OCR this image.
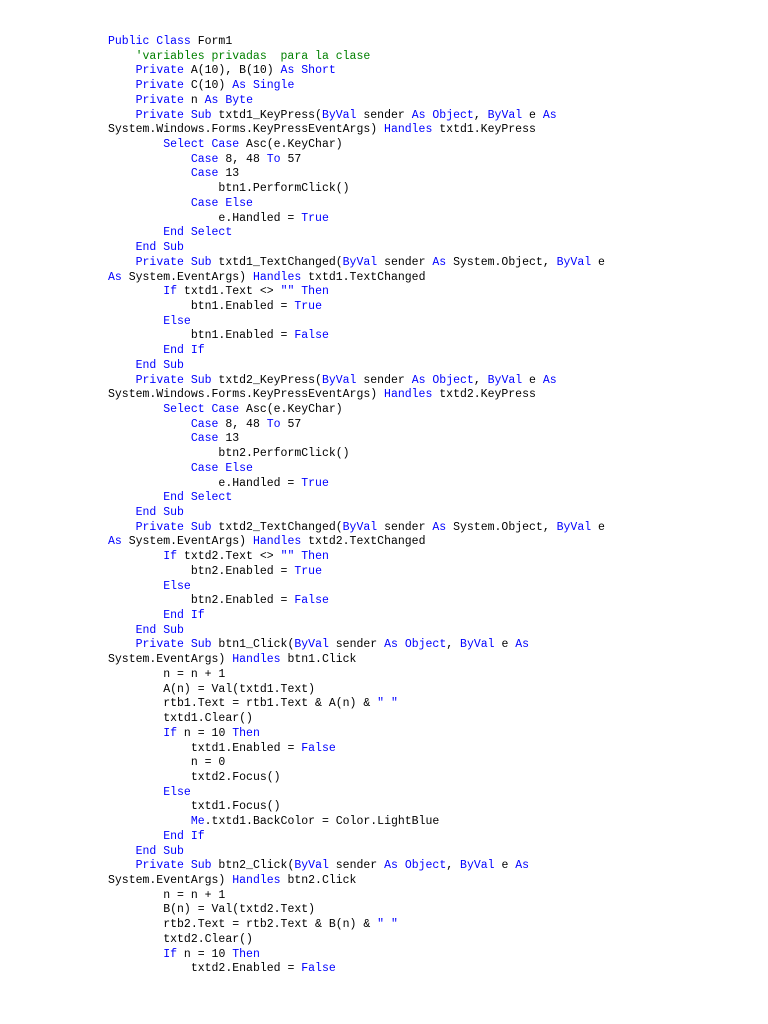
Public Class Form1
'variables privadas  para la clase
Private A(10), B(10) As Short
Private C(10) As Single
Private n As Byte
Private Sub txtd1_KeyPress(ByVal sender As Object, ByVal e As
System.Windows.Forms.KeyPressEventArgs) Handles txtd1.KeyPress
Select Case Asc(e.KeyChar)
Case 8, 48 To 57
Case 13
btn1.PerformClick()
Case Else
e.Handled = True
End Select
End Sub
Private Sub txtd1_TextChanged(ByVal sender As System.Object, ByVal e
As System.EventArgs) Handles txtd1.TextChanged
If txtd1.Text <> "" Then
btn1.Enabled = True
Else
btn1.Enabled = False
End If
End Sub
Private Sub txtd2_KeyPress(ByVal sender As Object, ByVal e As
System.Windows.Forms.KeyPressEventArgs) Handles txtd2.KeyPress
Select Case Asc(e.KeyChar)
Case 8, 48 To 57
Case 13
btn2.PerformClick()
Case Else
e.Handled = True
End Select
End Sub
Private Sub txtd2_TextChanged(ByVal sender As System.Object, ByVal e
As System.EventArgs) Handles txtd2.TextChanged
If txtd2.Text <> "" Then
btn2.Enabled = True
Else
btn2.Enabled = False
End If
End Sub
Private Sub btn1_Click(ByVal sender As Object, ByVal e As
System.EventArgs) Handles btn1.Click
n = n + 1
A(n) = Val(txtd1.Text)
rtb1.Text = rtb1.Text & A(n) & " "
txtd1.Clear()
If n = 10 Then
txtd1.Enabled = False
n = 0
txtd2.Focus()
Else
txtd1.Focus()
Me.txtd1.BackColor = Color.LightBlue
End If
End Sub
Private Sub btn2_Click(ByVal sender As Object, ByVal e As
System.EventArgs) Handles btn2.Click
n = n + 1
B(n) = Val(txtd2.Text)
rtb2.Text = rtb2.Text & B(n) & " "
txtd2.Clear()
If n = 10 Then
txtd2.Enabled = False
